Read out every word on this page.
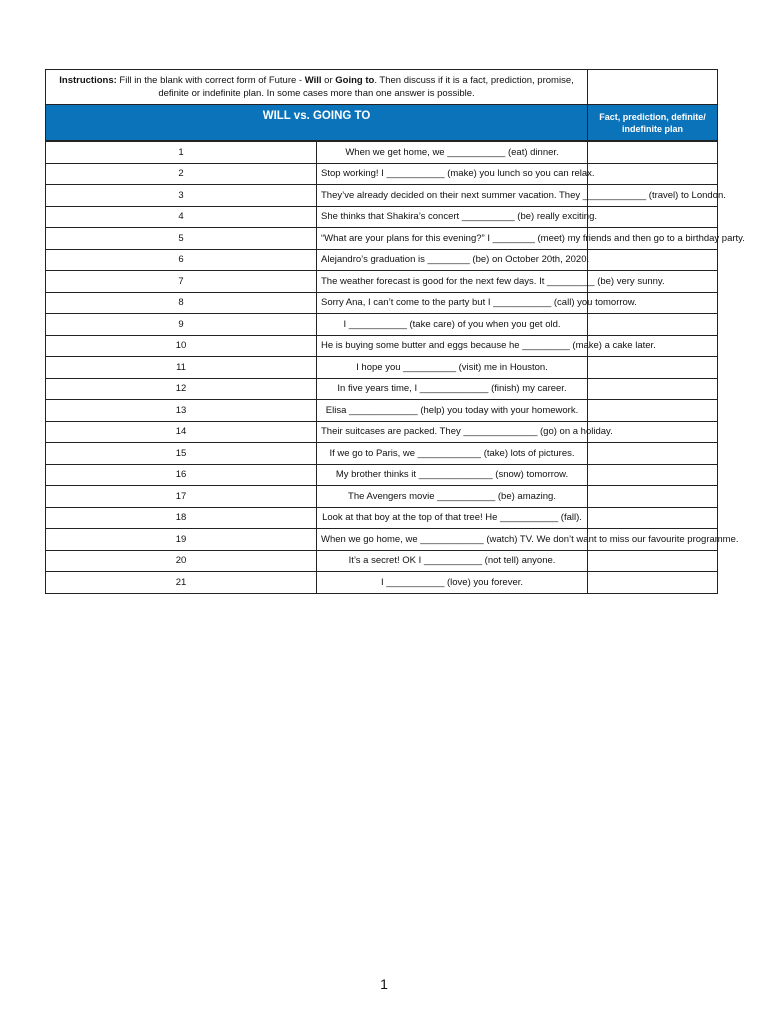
Instructions: Fill in the blank with correct form of Future - Will or Going to. Then discuss if it is a fact, prediction, promise, definite or indefinite plan. In some cases more than one answer is possible.		
WILL vs. GOING TO		Fact, prediction, definite/ indefinite plan

1	When we get home, we ___________ (eat) dinner.	
2	Stop working! I ___________ (make) you lunch so you can relax.	
3	They’ve already decided on their next summer vacation. They ____________ (travel) to London.	
4	She thinks that Shakira’s concert __________ (be) really exciting.	
5	“What are your plans for this evening?” I ________ (meet) my friends and then go to a birthday party.	
6	Alejandro’s graduation is ________ (be) on October 20th, 2020.	
7	The weather forecast is good for the next few days. It _________ (be) very sunny.	
8	Sorry Ana, I can’t come to the party but I ___________ (call) you tomorrow.	
9	I ___________ (take care) of you when you get old.	
10	He is buying some butter and eggs because he _________ (make) a cake later.	
11	I hope you __________ (visit) me in Houston.	
12	In five years time, I _____________ (finish) my career.	
13	Elisa _____________ (help) you today with your homework.	
14	Their suitcases are packed. They ______________ (go) on a holiday.	
15	If we go to Paris, we ____________ (take) lots of pictures.	
16	My brother thinks it ______________ (snow) tomorrow.	
17	The Avengers movie ___________ (be) amazing.	
18	Look at that boy at the top of that tree! He ___________ (fall).	
19	When we go home, we ____________ (watch) TV. We don’t want to miss our favourite programme.	
20	It’s a secret! OK I ___________ (not tell) anyone.	
21	I ___________ (love) you forever.	
1
